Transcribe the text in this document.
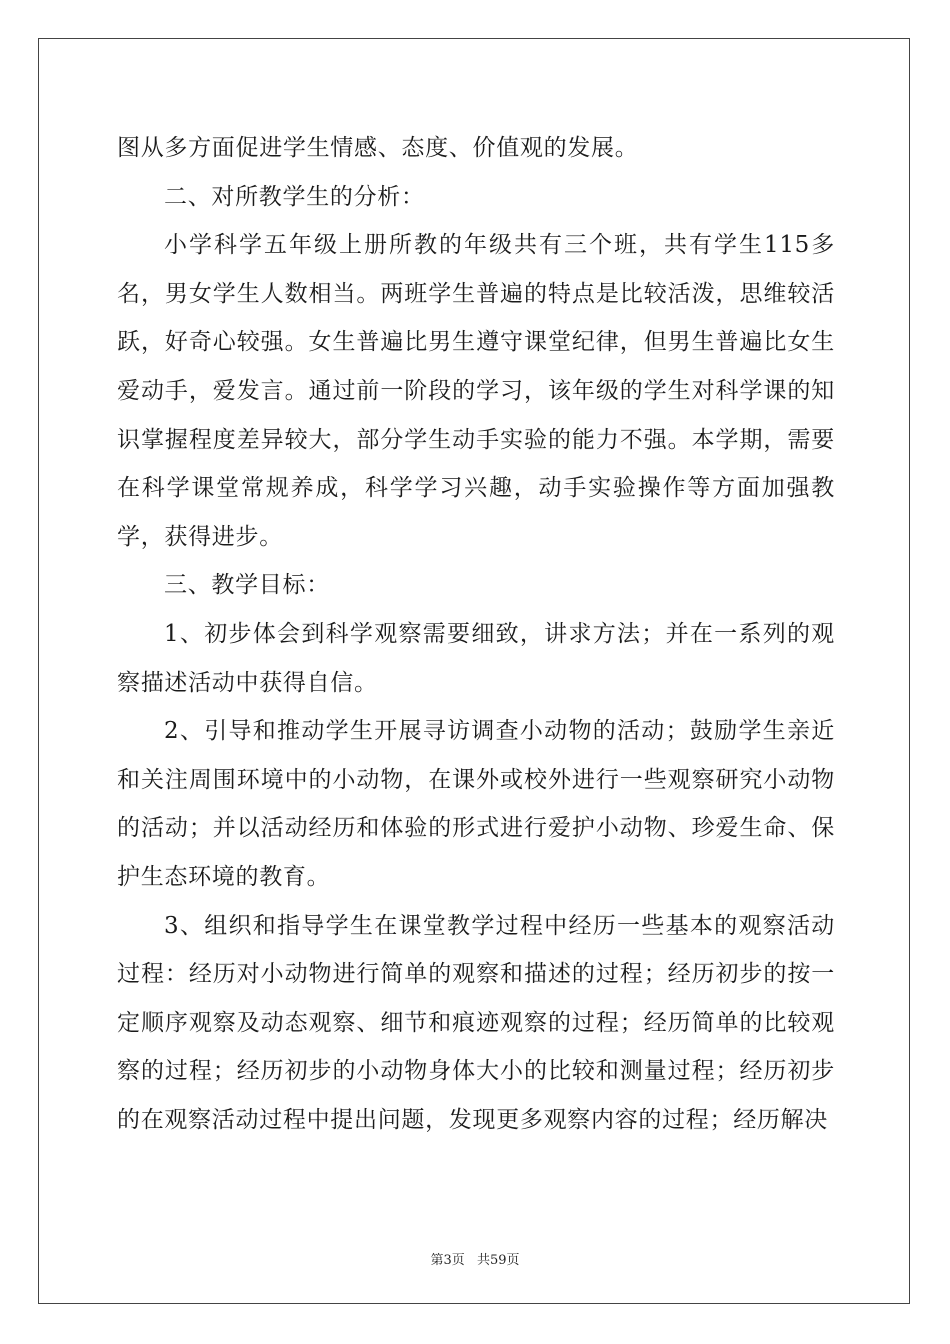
图从多方面促进学生情感、态度、价值观的发展。

二、对所教学生的分析：

小学科学五年级上册所教的年级共有三个班，共有学生115多名，男女学生人数相当。两班学生普遍的特点是比较活泼，思维较活跃，好奇心较强。女生普遍比男生遵守课堂纪律，但男生普遍比女生爱动手，爱发言。通过前一阶段的学习，该年级的学生对科学课的知识掌握程度差异较大，部分学生动手实验的能力不强。本学期，需要在科学课堂常规养成，科学学习兴趣，动手实验操作等方面加强教学，获得进步。

三、教学目标：

1、初步体会到科学观察需要细致，讲求方法；并在一系列的观察描述活动中获得自信。

2、引导和推动学生开展寻访调查小动物的活动；鼓励学生亲近和关注周围环境中的小动物，在课外或校外进行一些观察研究小动物的活动；并以活动经历和体验的形式进行爱护小动物、珍爱生命、保护生态环境的教育。

3、组织和指导学生在课堂教学过程中经历一些基本的观察活动过程：经历对小动物进行简单的观察和描述的过程；经历初步的按一定顺序观察及动态观察、细节和痕迹观察的过程；经历简单的比较观察的过程；经历初步的小动物身体大小的比较和测量过程；经历初步的在观察活动过程中提出问题，发现更多观察内容的过程；经历解决

第3页 共59页
